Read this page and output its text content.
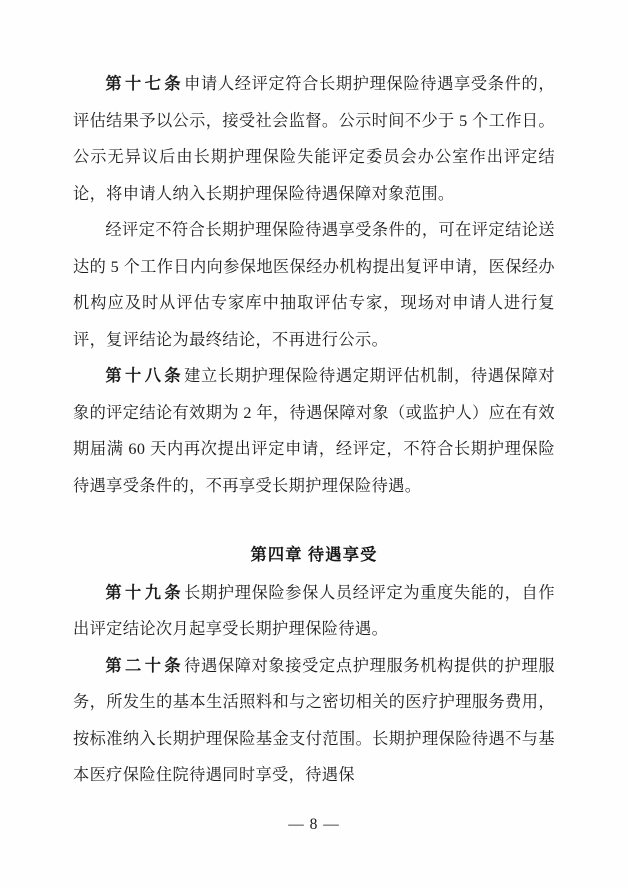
第十七条申请人经评定符合长期护理保险待遇享受条件的，评估结果予以公示，接受社会监督。公示时间不少于 5 个工作日。公示无异议后由长期护理保险失能评定委员会办公室作出评定结论，将申请人纳入长期护理保险待遇保障对象范围。

经评定不符合长期护理保险待遇享受条件的，可在评定结论送达的 5 个工作日内向参保地医保经办机构提出复评申请，医保经办机构应及时从评估专家库中抽取评估专家，现场对申请人进行复评，复评结论为最终结论，不再进行公示。

第十八条建立长期护理保险待遇定期评估机制，待遇保障对象的评定结论有效期为 2 年，待遇保障对象（或监护人）应在有效期届满 60 天内再次提出评定申请，经评定，不符合长期护理保险待遇享受条件的，不再享受长期护理保险待遇。

第四章 待遇享受

第十九条长期护理保险参保人员经评定为重度失能的，自作出评定结论次月起享受长期护理保险待遇。

第二十条待遇保障对象接受定点护理服务机构提供的护理服务，所发生的基本生活照料和与之密切相关的医疗护理服务费用，按标准纳入长期护理保险基金支付范围。长期护理保险待遇不与基本医疗保险住院待遇同时享受，待遇保

— 8 —
